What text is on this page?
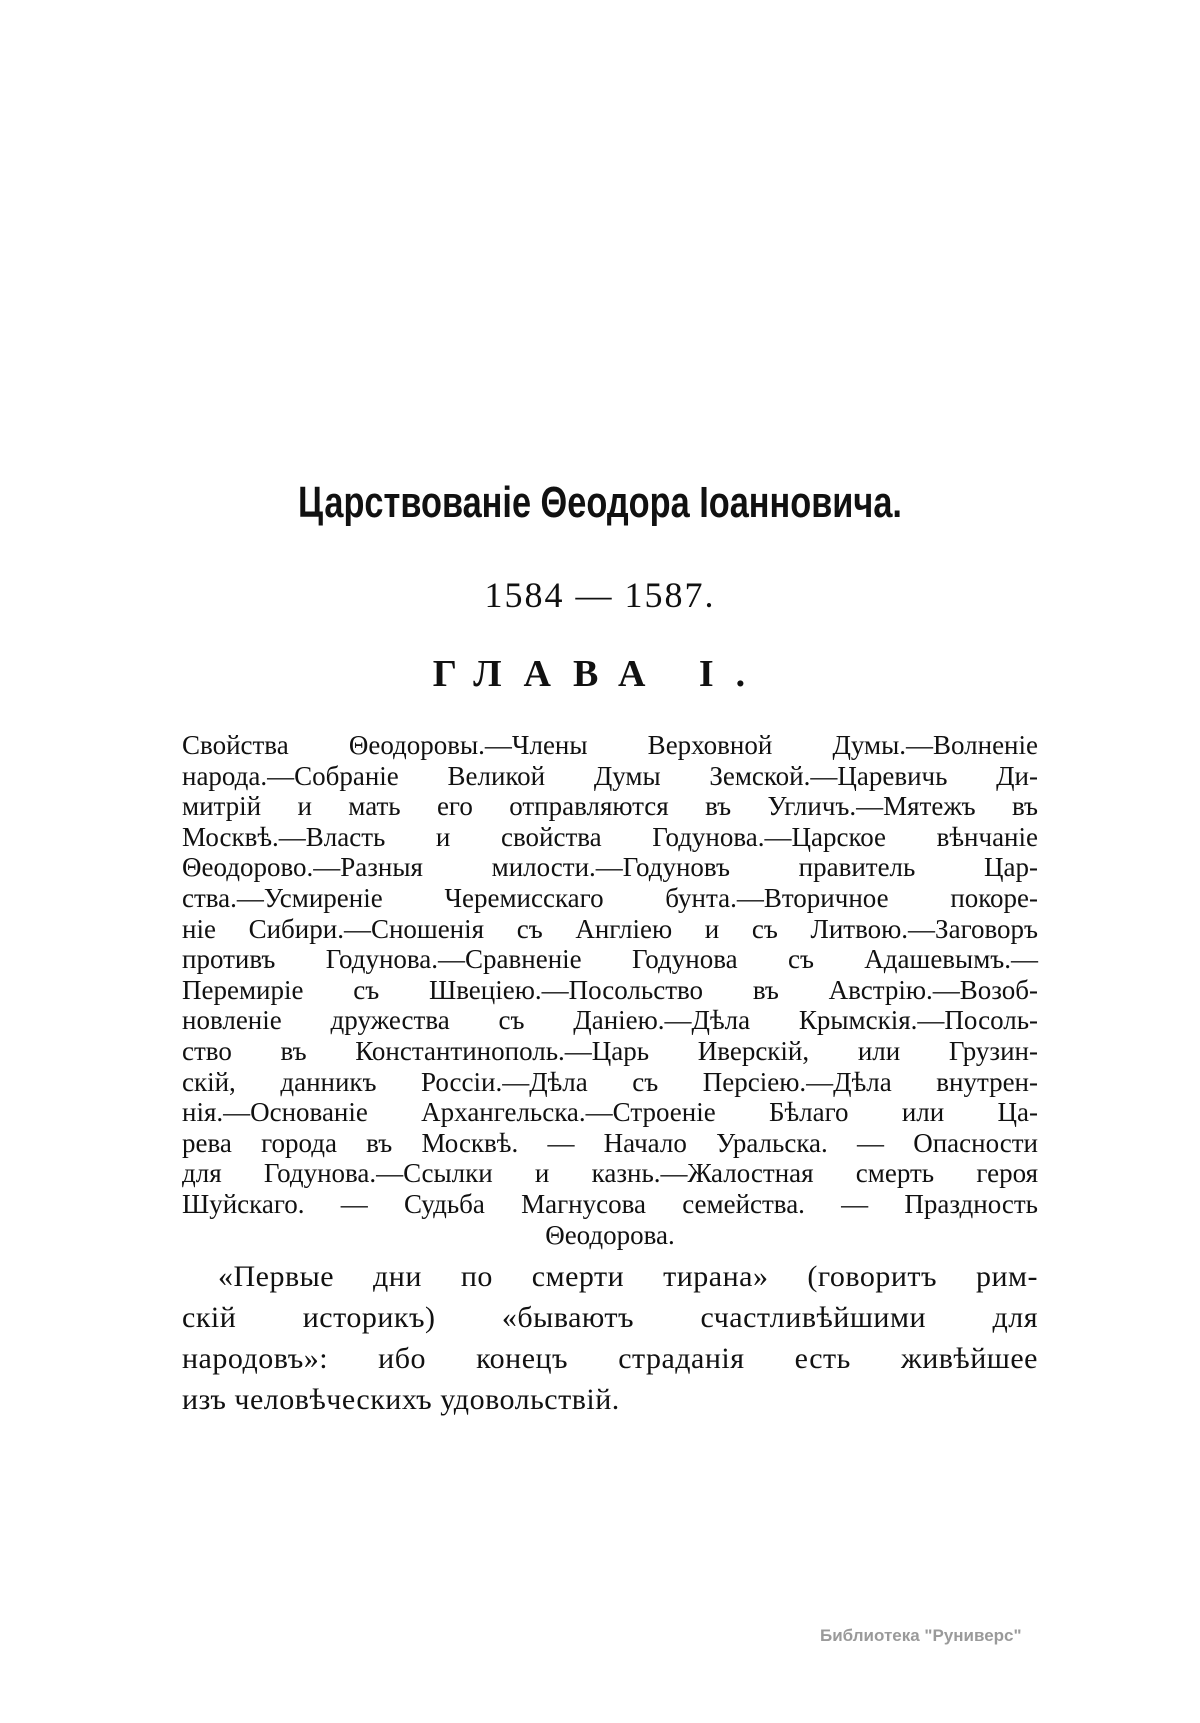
Царствованіе Θеодора Іоанновича.
1584 — 1587.
ГЛАВА I.
Свойства Θеодоровы.—Члены Верховной Думы.—Волненіе
народа.—Собраніе Великой Думы Земской.—Царевичь Ди-
митрій и мать его отправляются въ Угличъ.—Мятежъ въ
Москвѣ.—Власть и свойства Годунова.—Царское вѣнчаніе
Θеодорово.—Разныя милости.—Годуновъ правитель Цар-
ства.—Усмиреніе Черемисскаго бунта.—Вторичное покоре-
ніе Сибири.—Сношенія съ Англіею и съ Литвою.—Заговоръ
противъ Годунова.—Сравненіе Годунова съ Адашевымъ.—
Перемиріе съ Швеціею.—Посольство въ Австрію.—Возоб-
новленіе дружества съ Даніею.—Дѣла Крымскія.—Посоль-
ство въ Константинополь.—Царь Иверскій, или Грузин-
скій, данникъ Россіи.—Дѣла съ Персіею.—Дѣла внутрен-
нія.—Основаніе Архангельска.—Строеніе Бѣлаго или Ца-
рева города въ Москвѣ. — Начало Уральска. — Опасности
для Годунова.—Ссылки и казнь.—Жалостная смерть героя
Шуйскаго. — Судьба Магнусова семейства. — Праздность
Θеодорова.
«Первые дни по смерти тирана» (говоритъ рим-
скій историкъ) «бываютъ счастливѣйшими для
народовъ»: ибо конецъ страданія есть живѣйшее
изъ человѣческихъ удовольствій.
Библиотека "Руниверс"
